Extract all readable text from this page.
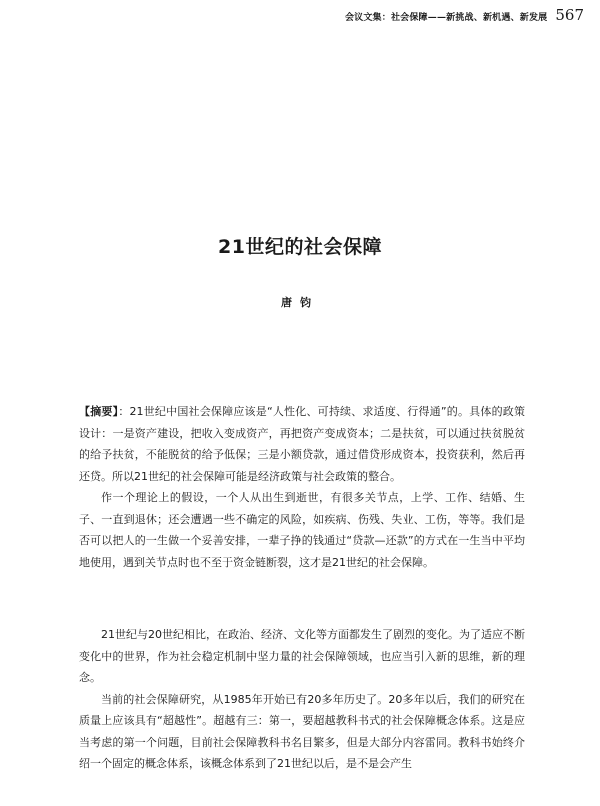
会议文集：社会保障——新挑战、新机遇、新发展 567
21世纪的社会保障
唐钧

【摘要】：21世纪中国社会保障应该是“人性化、可持续、求适度、行得通”的。具体的政策设计：一是资产建设，把收入变成资产，再把资产变成资本；二是扶贫，可以通过扶贫脱贫的给予扶贫，不能脱贫的给予低保；三是小额贷款，通过借贷形成资本，投资获利，然后再还贷。所以21世纪的社会保障可能是经济政策与社会政策的整合。

作一个理论上的假设，一个人从出生到逝世，有很多关节点，上学、工作、结婚、生子、一直到退休；还会遭遇一些不确定的风险，如疾病、伤残、失业、工伤，等等。我们是否可以把人的一生做一个妥善安排，一辈子挣的钱通过“贷款—还款”的方式在一生当中平均地使用，遇到关节点时也不至于资金链断裂，这才是21世纪的社会保障。

21世纪与20世纪相比，在政治、经济、文化等方面都发生了剧烈的变化。为了适应不断变化中的世界，作为社会稳定机制中坚力量的社会保障领域，也应当引入新的思维，新的理念。

当前的社会保障研究，从1985年开始已有20多年历史了。20多年以后，我们的研究在质量上应该具有“超越性”。超越有三：第一，要超越教科书式的社会保障概念体系。这是应当考虑的第一个问题，目前社会保障教科书名目繁多，但是大部分内容雷同。教科书始终介绍一个固定的概念体系，该概念体系到了21世纪以后，是不是会产生
